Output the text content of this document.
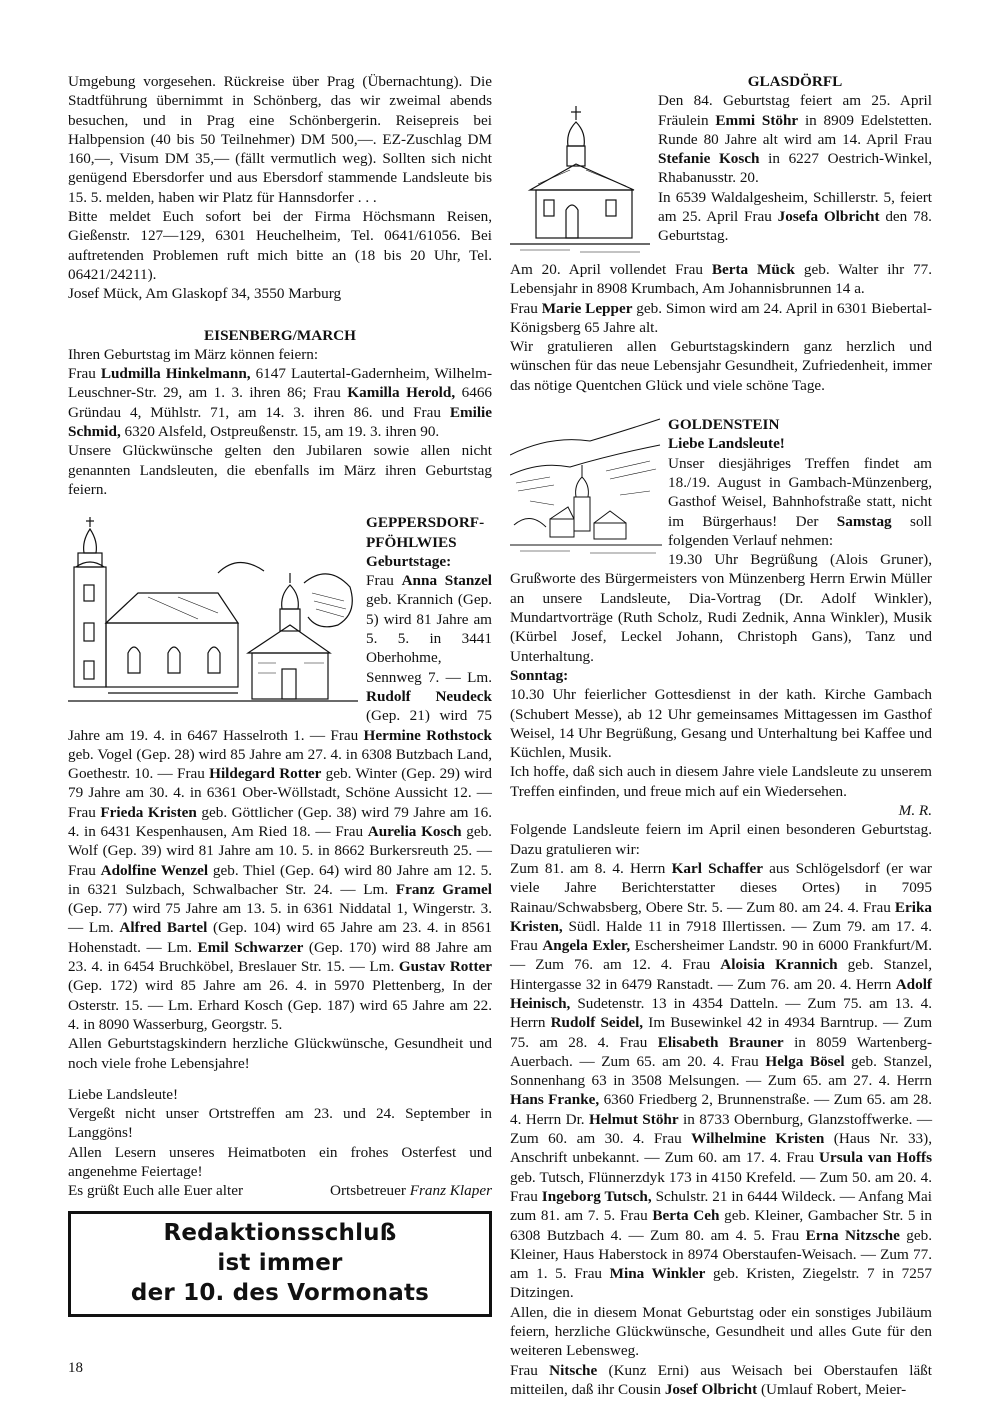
Umgebung vorgesehen. Rückreise über Prag (Übernachtung). Die Stadtführung übernimmt in Schönberg, das wir zweimal abends besuchen, und in Prag eine Schönbergerin. Reisepreis bei Halbpension (40 bis 50 Teilnehmer) DM 500,—. EZ-Zuschlag DM 160,—, Visum DM 35,— (fällt vermutlich weg). Sollten sich nicht genügend Ebersdorfer und aus Ebersdorf stammende Landsleute bis 15. 5. melden, haben wir Platz für Hannsdorfer . . .

Bitte meldet Euch sofort bei der Firma Höchsmann Reisen, Gießenstr. 127—129, 6301 Heuchelheim, Tel. 0641/61056. Bei auftretenden Problemen ruft mich bitte an (18 bis 20 Uhr, Tel. 06421/24211).

Josef Mück, Am Glaskopf 34, 3550 Marburg

EISENBERG/MARCH

Ihren Geburtstag im März können feiern:

Frau Ludmilla Hinkelmann, 6147 Lautertal-Gadernheim, Wilhelm-Leuschner-Str. 29, am 1. 3. ihren 86; Frau Kamilla Herold, 6466 Gründau 4, Mühlstr. 71, am 14. 3. ihren 86. und Frau Emilie Schmid, 6320 Alsfeld, Ostpreußenstr. 15, am 19. 3. ihren 90.

Unsere Glückwünsche gelten den Jubilaren sowie allen nicht genannten Landsleuten, die ebenfalls im März ihren Geburtstag feiern.

GEPPERSDORF-PFÖHLWIES

Geburtstage:

Frau Anna Stanzel geb. Krannich (Gep. 5) wird 81 Jahre am 5. 5. in 3441 Oberhohme, Sennweg 7. — Lm. Rudolf Neudeck (Gep. 21) wird 75 Jahre am 19. 4. in 6467 Hasselroth 1. — Frau Hermine Rothstock geb. Vogel (Gep. 28) wird 85 Jahre am 27. 4. in 6308 Butzbach Land, Goethestr. 10. — Frau Hildegard Rotter geb. Winter (Gep. 29) wird 79 Jahre am 30. 4. in 6361 Ober-Wöllstadt, Schöne Aussicht 12. — Frau Frieda Kristen geb. Göttlicher (Gep. 38) wird 79 Jahre am 16. 4. in 6431 Kespenhausen, Am Ried 18. — Frau Aurelia Kosch geb. Wolf (Gep. 39) wird 81 Jahre am 10. 5. in 8662 Burkersreuth 25. — Frau Adolfine Wenzel geb. Thiel (Gep. 64) wird 80 Jahre am 12. 5. in 6321 Sulzbach, Schwalbacher Str. 24. — Lm. Franz Gramel (Gep. 77) wird 75 Jahre am 13. 5. in 6361 Niddatal 1, Wingerstr. 3. — Lm. Alfred Bartel (Gep. 104) wird 65 Jahre am 23. 4. in 8561 Hohenstadt. — Lm. Emil Schwarzer (Gep. 170) wird 88 Jahre am 23. 4. in 6454 Bruchköbel, Breslauer Str. 15. — Lm. Gustav Rotter (Gep. 172) wird 85 Jahre am 26. 4. in 5970 Plettenberg, In der Osterstr. 15. — Lm. Erhard Kosch (Gep. 187) wird 65 Jahre am 22. 4. in 8090 Wasserburg, Georgstr. 5.

Allen Geburtstagskindern herzliche Glückwünsche, Gesundheit und noch viele frohe Lebensjahre!

Liebe Landsleute!

Vergeßt nicht unser Ortstreffen am 23. und 24. September in Langgöns!

Allen Lesern unseres Heimatboten ein frohes Osterfest und angenehme Feiertage!

Es grüßt Euch alle Euer alter	Ortsbetreuer Franz Klaper
Redaktionsschluß
ist immer
der 10. des Vormonats

GLASDÖRFL

Den 84. Geburtstag feiert am 25. April Fräulein Emmi Stöhr in 8909 Edelstetten. Runde 80 Jahre alt wird am 14. April Frau Stefanie Kosch in 6227 Oestrich-Winkel, Rhabanusstr. 20.

In 6539 Waldalgesheim, Schillerstr. 5, feiert am 25. April Frau Josefa Olbricht den 78. Geburtstag.

Am 20. April vollendet Frau Berta Mück geb. Walter ihr 77. Lebensjahr in 8908 Krumbach, Am Johannisbrunnen 14 a.

Frau Marie Lepper geb. Simon wird am 24. April in 6301 Biebertal-Königsberg 65 Jahre alt.

Wir gratulieren allen Geburtstagskindern ganz herzlich und wünschen für das neue Lebensjahr Gesundheit, Zufriedenheit, immer das nötige Quentchen Glück und viele schöne Tage.

GOLDENSTEIN

Liebe Landsleute!

Unser diesjähriges Treffen findet am 18./19. August in Gambach-Münzenberg, Gasthof Weisel, Bahnhofstraße statt, nicht im Bürgerhaus! Der Samstag soll folgenden Verlauf nehmen:

19.30 Uhr Begrüßung (Alois Gruner), Grußworte des Bürgermeisters von Münzenberg Herrn Erwin Müller an unsere Landsleute, Dia-Vortrag (Dr. Adolf Winkler), Mundartvorträge (Ruth Scholz, Rudi Zednik, Anna Winkler), Musik (Kürbel Josef, Leckel Johann, Christoph Gans), Tanz und Unterhaltung.

Sonntag:

10.30 Uhr feierlicher Gottesdienst in der kath. Kirche Gambach (Schubert Messe), ab 12 Uhr gemeinsames Mittagessen im Gasthof Weisel, 14 Uhr Begrüßung, Gesang und Unterhaltung bei Kaffee und Küchlen, Musik.

Ich hoffe, daß sich auch in diesem Jahre viele Landsleute zu unserem Treffen einfinden, und freue mich auf ein Wiedersehen.

M. R.

Folgende Landsleute feiern im April einen besonderen Geburtstag. Dazu gratulieren wir:

Zum 81. am 8. 4. Herrn Karl Schaffer aus Schlögelsdorf (er war viele Jahre Berichterstatter dieses Ortes) in 7095 Rainau/Schwabsberg, Obere Str. 5. — Zum 80. am 24. 4. Frau Erika Kristen, Südl. Halde 11 in 7918 Illertissen. — Zum 79. am 17. 4. Frau Angela Exler, Eschersheimer Landstr. 90 in 6000 Frankfurt/M. — Zum 76. am 12. 4. Frau Aloisia Krannich geb. Stanzel, Hintergasse 32 in 6479 Ranstadt. — Zum 76. am 20. 4. Herrn Adolf Heinisch, Sudetenstr. 13 in 4354 Datteln. — Zum 75. am 13. 4. Herrn Rudolf Seidel, Im Busewinkel 42 in 4934 Barntrup. — Zum 75. am 28. 4. Frau Elisabeth Brauner in 8059 Wartenberg-Auerbach. — Zum 65. am 20. 4. Frau Helga Bösel geb. Stanzel, Sonnenhang 63 in 3508 Melsungen. — Zum 65. am 27. 4. Herrn Hans Franke, 6360 Friedberg 2, Brunnenstraße. — Zum 65. am 28. 4. Herrn Dr. Helmut Stöhr in 8733 Obernburg, Glanzstoffwerke. — Zum 60. am 30. 4. Frau Wilhelmine Kristen (Haus Nr. 33), Anschrift unbekannt. — Zum 60. am 17. 4. Frau Ursula van Hoffs geb. Tutsch, Flünnerzdyk 173 in 4150 Krefeld. — Zum 50. am 20. 4. Frau Ingeborg Tutsch, Schulstr. 21 in 6444 Wildeck. — Anfang Mai zum 81. am 7. 5. Frau Berta Ceh geb. Kleiner, Gambacher Str. 5 in 6308 Butzbach 4. — Zum 80. am 4. 5. Frau Erna Nitzsche geb. Kleiner, Haus Haberstock in 8974 Oberstaufen-Weisach. — Zum 77. am 1. 5. Frau Mina Winkler geb. Kristen, Ziegelstr. 7 in 7257 Ditzingen.

Allen, die in diesem Monat Geburtstag oder ein sonstiges Jubiläum feiern, herzliche Glückwünsche, Gesundheit und alles Gute für den weiteren Lebensweg.

Frau Nitsche (Kunz Erni) aus Weisach bei Oberstaufen läßt mitteilen, daß ihr Cousin Josef Olbricht (Umlauf Robert, Meier-

18
